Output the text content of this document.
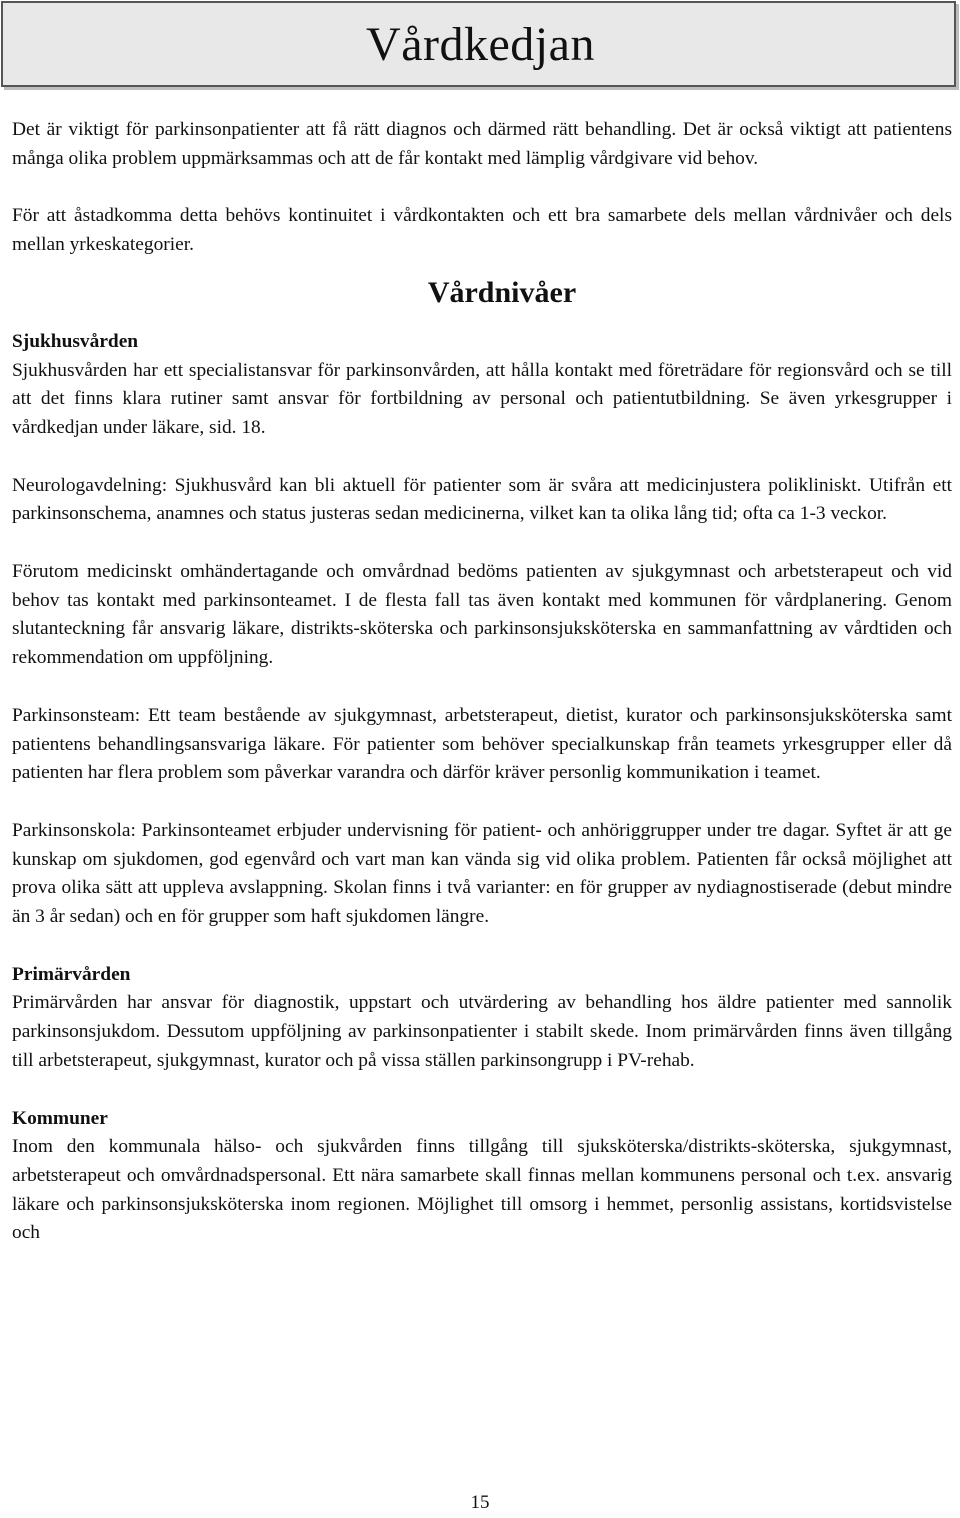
Vårdkedjan

Det är viktigt för parkinsonpatienter att få rätt diagnos och därmed rätt behandling. Det är också viktigt att patientens många olika problem uppmärksammas och att de får kontakt med lämplig vårdgivare vid behov.

För att åstadkomma detta behövs kontinuitet i vårdkontakten och ett bra samarbete dels mellan vårdnivåer och dels mellan yrkeskategorier.

Vårdnivåer
Sjukhusvården

Sjukhusvården har ett specialistansvar för parkinsonvården, att hålla kontakt med företrädare för regionsvård och se till att det finns klara rutiner samt ansvar för fortbildning av personal och patientutbildning. Se även yrkesgrupper i vårdkedjan under läkare, sid. 18.

Neurologavdelning: Sjukhusvård kan bli aktuell för patienter som är svåra att medicinjustera polikliniskt. Utifrån ett parkinsonschema, anamnes och status justeras sedan medicinerna, vilket kan ta olika lång tid; ofta ca 1-3 veckor.

Förutom medicinskt omhändertagande och omvårdnad bedöms patienten av sjukgymnast och arbetsterapeut och vid behov tas kontakt med parkinsonteamet. I de flesta fall tas även kontakt med kommunen för vårdplanering. Genom slutanteckning får ansvarig läkare, distrikts-sköterska och parkinsonsjuksköterska en sammanfattning av vårdtiden och rekommendation om uppföljning.

Parkinsonsteam: Ett team bestående av sjukgymnast, arbetsterapeut, dietist, kurator och parkinsonsjuksköterska samt patientens behandlingsansvariga läkare. För patienter som behöver specialkunskap från teamets yrkesgrupper eller då patienten har flera problem som påverkar varandra och därför kräver personlig kommunikation i teamet.

Parkinsonskola: Parkinsonteamet erbjuder undervisning för patient- och anhöriggrupper under tre dagar. Syftet är att ge kunskap om sjukdomen, god egenvård och vart man kan vända sig vid olika problem. Patienten får också möjlighet att prova olika sätt att uppleva avslappning. Skolan finns i två varianter: en för grupper av nydiagnostiserade (debut mindre än 3 år sedan) och en för grupper som haft sjukdomen längre.

Primärvården

Primärvården har ansvar för diagnostik, uppstart och utvärdering av behandling hos äldre patienter med sannolik parkinsonsjukdom. Dessutom uppföljning av parkinsonpatienter i stabilt skede. Inom primärvården finns även tillgång till arbetsterapeut, sjukgymnast, kurator och på vissa ställen parkinsongrupp i PV-rehab.

Kommuner

Inom den kommunala hälso- och sjukvården finns tillgång till sjuksköterska/distrikts-sköterska, sjukgymnast, arbetsterapeut och omvårdnadspersonal. Ett nära samarbete skall finnas mellan kommunens personal och t.ex. ansvarig läkare och parkinsonsjuksköterska inom regionen. Möjlighet till omsorg i hemmet, personlig assistans, kortidsvistelse och

15
